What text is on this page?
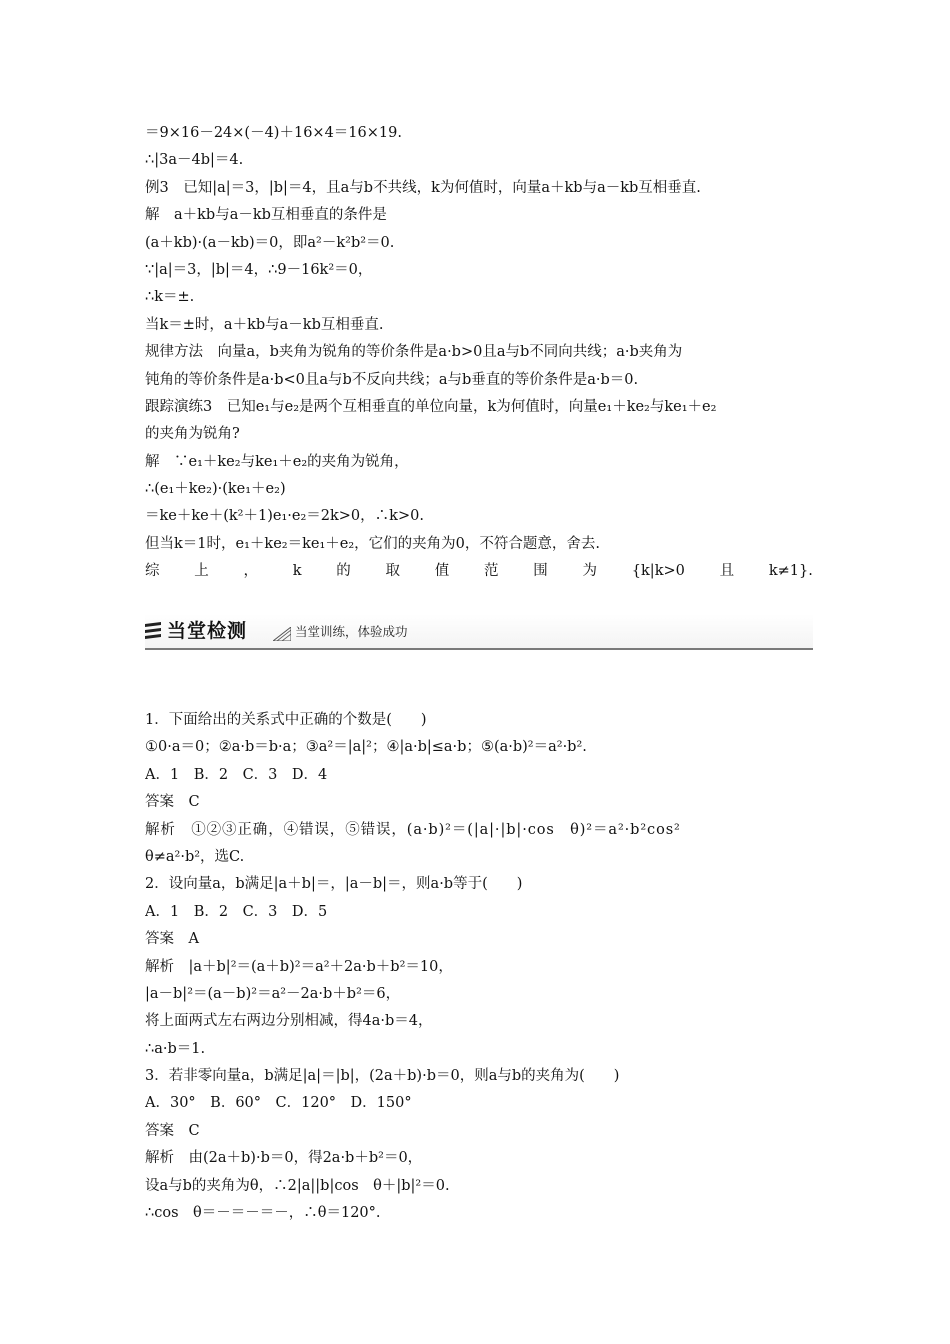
＝9×16－24×(－4)＋16×4＝16×19.
∴|3a－4b|＝4.
例3　已知|a|＝3，|b|＝4，且a与b不共线，k为何值时，向量a＋kb与a－kb互相垂直.
解　a＋kb与a－kb互相垂直的条件是
(a＋kb)·(a－kb)＝0，即a²－k²b²＝0.
∵|a|＝3，|b|＝4，∴9－16k²＝0，
∴k＝±.
当k＝±时，a＋kb与a－kb互相垂直.
规律方法　向量a，b夹角为锐角的等价条件是a·b>0且a与b不同向共线；a·b夹角为
钝角的等价条件是a·b<0且a与b不反向共线；a与b垂直的等价条件是a·b＝0.
跟踪演练3　已知e₁与e₂是两个互相垂直的单位向量，k为何值时，向量e₁＋ke₂与ke₁＋e₂
的夹角为锐角?
解　∵e₁＋ke₂与ke₁＋e₂的夹角为锐角，
∴(e₁＋ke₂)·(ke₁＋e₂)
＝ke＋ke＋(k²＋1)e₁·e₂＝2k>0，∴k>0.
但当k＝1时，e₁＋ke₂＝ke₁＋e₂，它们的夹角为0，不符合题意，舍去.
综 上 ， k 的 取 值 范 围 为 {k|k>0 且 k≠1}.
当堂检测	当堂训练，体验成功
1．下面给出的关系式中正确的个数是(　　)
①0·a＝0；②a·b＝b·a；③a²＝|a|²；④|a·b|≤a·b；⑤(a·b)²＝a²·b².
A．1　B．2　C．3　D．4
答案　C
解析　①②③正确，④错误，⑤错误，(a·b)²＝(|a|·|b|·cos　θ)²＝a²·b²cos²
θ≠a²·b²，选C.
2．设向量a，b满足|a＋b|＝，|a－b|＝，则a·b等于(　　)
A．1　B．2　C．3　D．5
答案　A
解析　|a＋b|²＝(a＋b)²＝a²＋2a·b＋b²＝10，
|a－b|²＝(a－b)²＝a²－2a·b＋b²＝6，
将上面两式左右两边分别相减，得4a·b＝4，
∴a·b＝1.
3．若非零向量a，b满足|a|＝|b|，(2a＋b)·b＝0，则a与b的夹角为(　　)
A．30°　B．60°　C．120°　D．150°
答案　C
解析　由(2a＋b)·b＝0，得2a·b＋b²＝0，
设a与b的夹角为θ，∴2|a||b|cos　θ＋|b|²＝0.
∴cos　θ＝－＝－＝－，∴θ＝120°.
